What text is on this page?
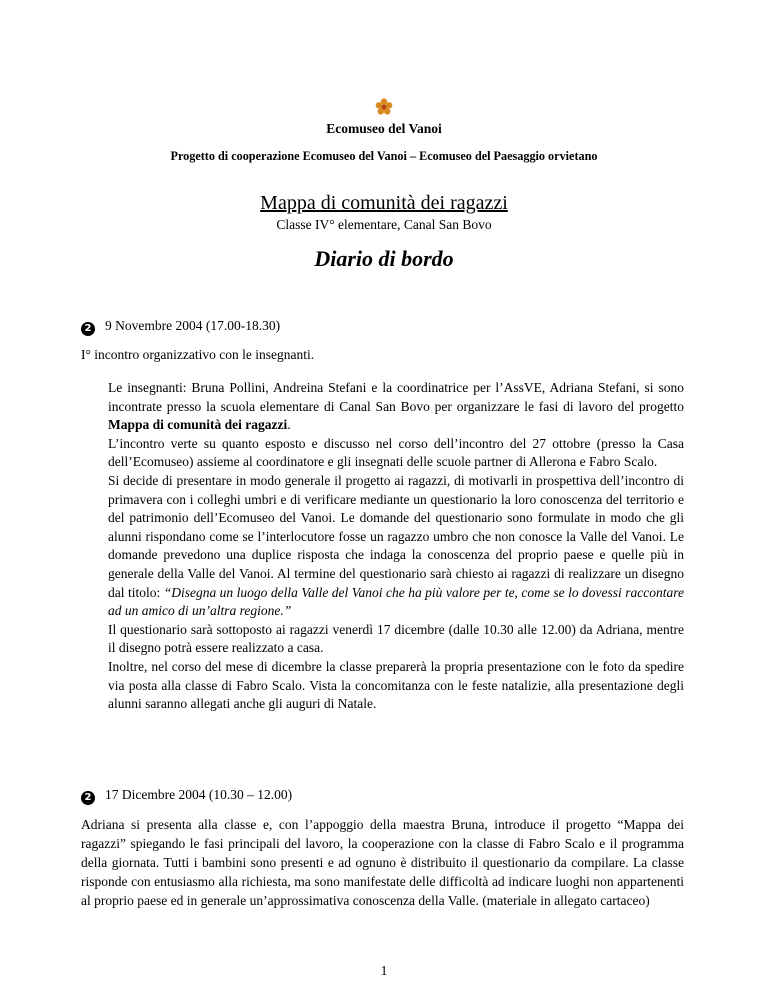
Ecomuseo del Vanoi
Progetto di cooperazione Ecomuseo del Vanoi – Ecomuseo del Paesaggio orvietano
Mappa di comunità dei ragazzi
Classe IV° elementare, Canal San Bovo
Diario di bordo
2 9 Novembre 2004 (17.00-18.30)
I° incontro organizzativo con le insegnanti.

Le insegnanti: Bruna Pollini, Andreina Stefani e la coordinatrice per l’AssVE, Adriana Stefani, si sono incontrate presso la scuola elementare di Canal San Bovo per organizzare le fasi di lavoro del progetto Mappa di comunità dei ragazzi.

L’incontro verte su quanto esposto e discusso nel corso dell’incontro del 27 ottobre (presso la Casa dell’Ecomuseo) assieme al coordinatore e gli insegnati delle scuole partner di Allerona e Fabro Scalo.

Si decide di presentare in modo generale il progetto ai ragazzi, di motivarli in prospettiva dell’incontro di primavera con i colleghi umbri e di verificare mediante un questionario la loro conoscenza del territorio e del patrimonio dell’Ecomuseo del Vanoi. Le domande del questionario sono formulate in modo che gli alunni rispondano come se l’interlocutore fosse un ragazzo umbro che non conosce la Valle del Vanoi. Le domande prevedono una duplice risposta che indaga la conoscenza del proprio paese e quelle più in generale della Valle del Vanoi. Al termine del questionario sarà chiesto ai ragazzi di realizzare un disegno dal titolo: “Disegna un luogo della Valle del Vanoi che ha più valore per te, come se lo dovessi raccontare ad un amico di un’altra regione.”

Il questionario sarà sottoposto ai ragazzi venerdì 17 dicembre (dalle 10.30 alle 12.00) da Adriana, mentre il disegno potrà essere realizzato a casa.

Inoltre, nel corso del mese di dicembre la classe preparerà la propria presentazione con le foto da spedire via posta alla classe di Fabro Scalo. Vista la concomitanza con le feste natalizie, alla presentazione degli alunni saranno allegati anche gli auguri di Natale.

2 17 Dicembre 2004 (10.30 – 12.00)

Adriana si presenta alla classe e, con l’appoggio della maestra Bruna, introduce il progetto “Mappa dei ragazzi” spiegando le fasi principali del lavoro, la cooperazione con la classe di Fabro Scalo e il programma della giornata. Tutti i bambini sono presenti e ad ognuno è distribuito il questionario da compilare. La classe risponde con entusiasmo alla richiesta, ma sono manifestate delle difficoltà ad indicare luoghi non appartenenti al proprio paese ed in generale un’approssimativa conoscenza della Valle. (materiale in allegato cartaceo)

1
